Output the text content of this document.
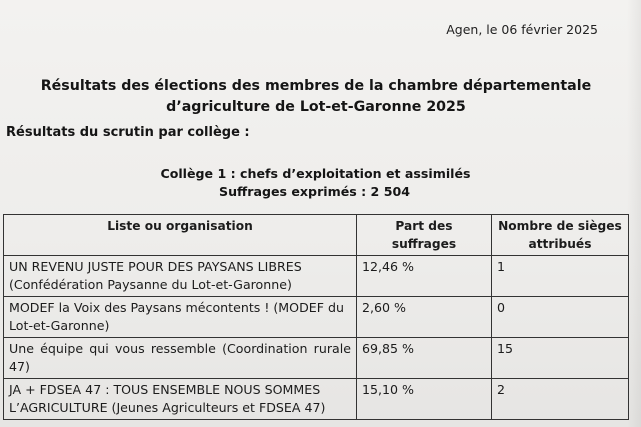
Agen, le 06 février 2025
Résultats des élections des membres de la chambre départementale d’agriculture de Lot-et-Garonne 2025
Résultats du scrutin par collège :
Collège 1 : chefs d’exploitation et assimilés
Suffrages exprimés : 2 504
Liste ou organisation	Part des suffrages	Nombre de sièges attribués
UN REVENU JUSTE POUR DES PAYSANS LIBRES (Confédération Paysanne du Lot-et-Garonne)	12,46 %	1
MODEF la Voix des Paysans mécontents ! (MODEF du Lot-et-Garonne)	2,60 %	0
Une équipe qui vous ressemble (Coordination rurale 47)	69,85 %	15
JA + FDSEA 47 : TOUS ENSEMBLE NOUS SOMMES L’AGRICULTURE (Jeunes Agriculteurs et FDSEA 47)	15,10 %	2
